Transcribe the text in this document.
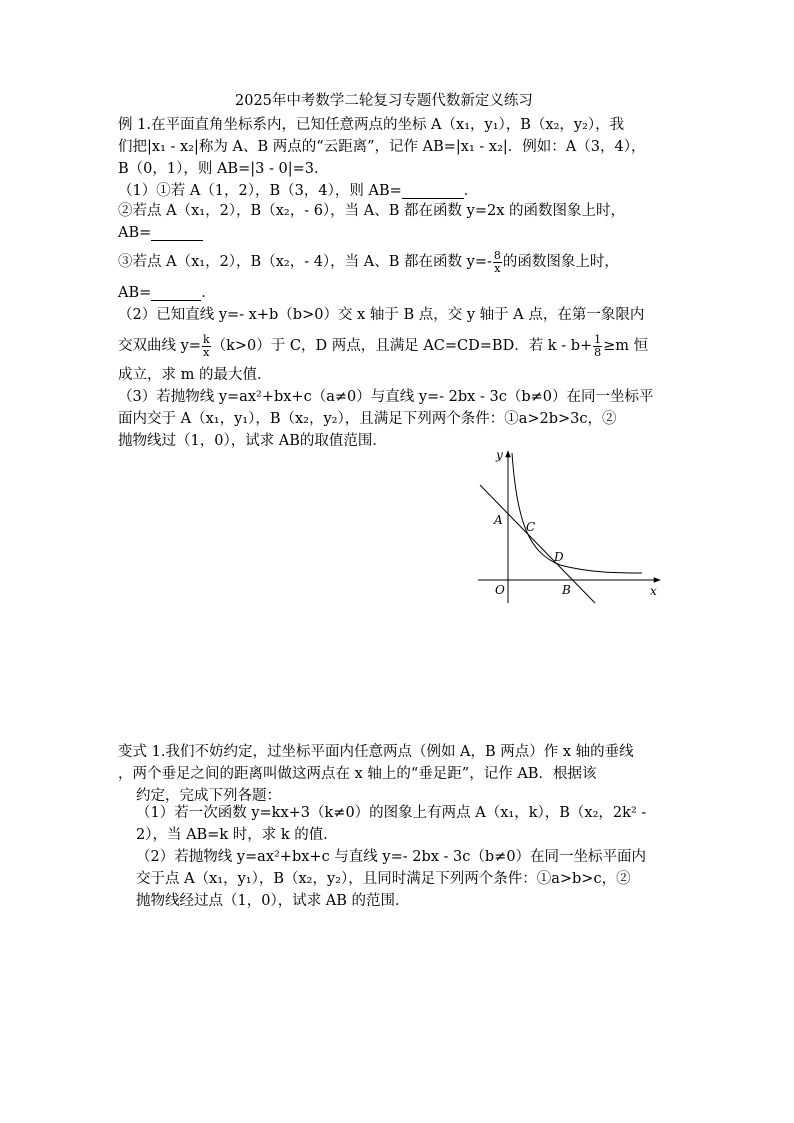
2025年中考数学二轮复习专题代数新定义练习
例 1.在平面直角坐标系内，已知任意两点的坐标 A（x₁，y₁），B（x₂，y₂），我
们把|x₁ - x₂|称为 A、B 两点的“云距离”，记作 AB=|x₁ - x₂|．例如：A（3，4），
B（0，1），则 AB=|3 - 0|=3．
（1）①若 A（1，2），B（3，4），则 AB=	．
②若点 A（x₁，2），B（x₂，- 6），当 A、B 都在函数 y=2x 的函数图象上时，
AB=
③若点 A（x₁，2），B（x₂，- 4），当 A、B 都在函数 $y=- \frac{8}{x}$ 的函数图象上时，
AB=	．
（2）已知直线 y=- x+b（b>0）交 x 轴于 B 点，交 y 轴于 A 点，在第一象限内
交双曲线 $y= \frac{k}{x} (k>0)$于 C，D 两点，且满足 AC=CD=BD．若 $k - b+ \frac{1}{8} \ge m$ 恒
成立，求 m 的最大值．
（3）若抛物线 y=ax²+bx+c（a≠0）与直线 y=- 2bx - 3c（b≠0）在同一坐标平
面内交于 A（x₁，y₁），B（x₂，y₂），且满足下列两个条件：①a>2b>3c，②
抛物线过（1，0），试求 AB的取值范围．
y
x
O
A
B
C
D
变式 1.我们不妨约定，过坐标平面内任意两点（例如 A，B 两点）作 x 轴的垂线
，两个垂足之间的距离叫做这两点在 x 轴上的“垂足距”，记作 AB．根据该
约定，完成下列各题：
（1）若一次函数 y=kx+3（k≠0）的图象上有两点 A（x₁，k），B（x₂，2k² -
2），当 AB=k 时，求 k 的值．
（2）若抛物线 y=ax²+bx+c 与直线 y=- 2bx - 3c（b≠0）在同一坐标平面内
交于点 A（x₁，y₁），B（x₂，y₂），且同时满足下列两个条件：①a>b>c，②
抛物线经过点（1，0），试求 AB 的范围．
